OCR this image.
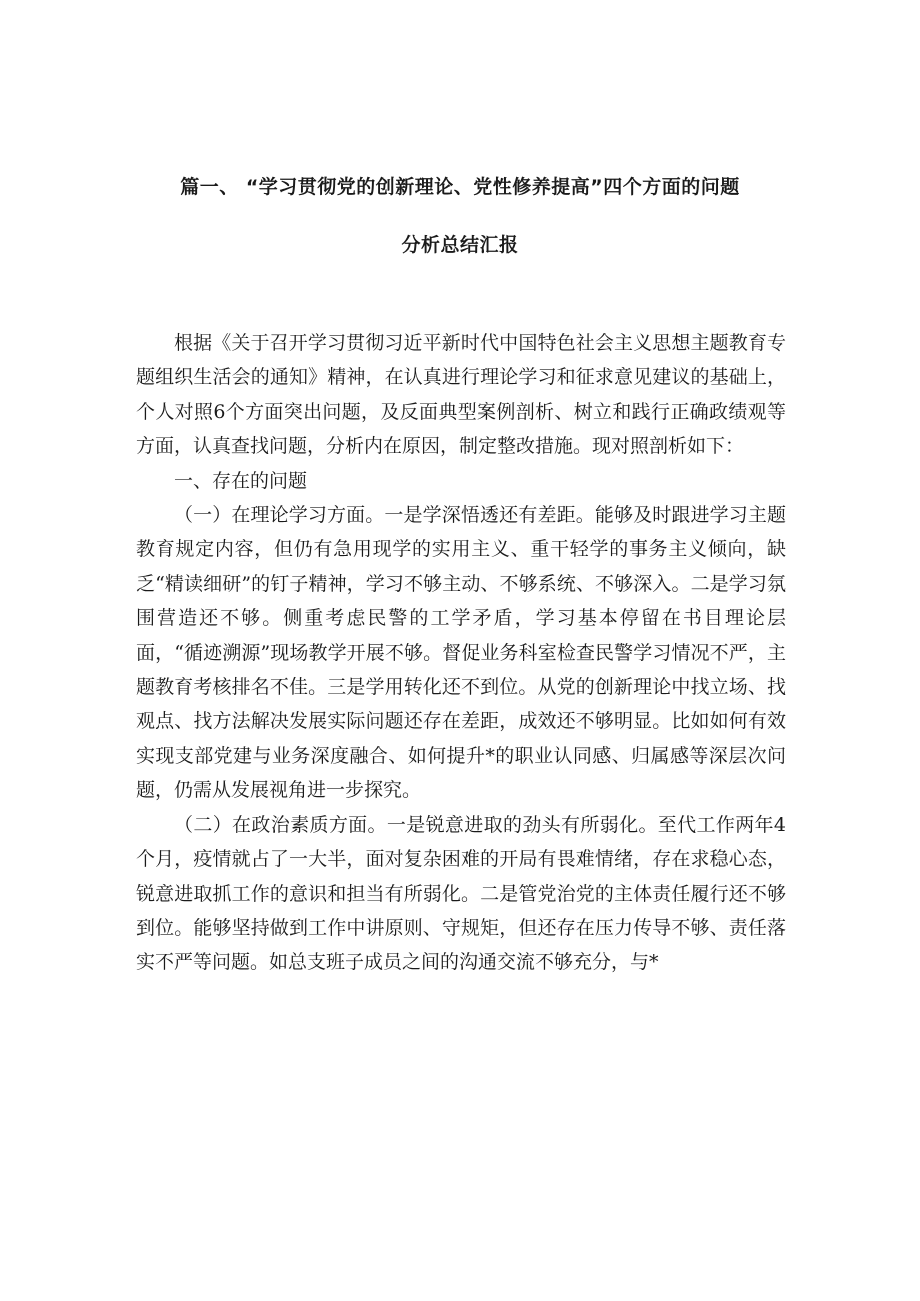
篇一、 “学习贯彻党的创新理论、党性修养提高”四个方面的问题
分析总结汇报

根据《关于召开学习贯彻习近平新时代中国特色社会主义思想主题教育专题组织生活会的通知》精神，在认真进行理论学习和征求意见建议的基础上，个人对照6个方面突出问题，及反面典型案例剖析、树立和践行正确政绩观等方面，认真查找问题，分析内在原因，制定整改措施。现对照剖析如下：

一、存在的问题

（一）在理论学习方面。一是学深悟透还有差距。能够及时跟进学习主题教育规定内容，但仍有急用现学的实用主义、重干轻学的事务主义倾向，缺乏“精读细研”的钉子精神，学习不够主动、不够系统、不够深入。二是学习氛围营造还不够。侧重考虑民警的工学矛盾，学习基本停留在书目理论层面，“循迹溯源”现场教学开展不够。督促业务科室检查民警学习情况不严，主题教育考核排名不佳。三是学用转化还不到位。从党的创新理论中找立场、找观点、找方法解决发展实际问题还存在差距，成效还不够明显。比如如何有效实现支部党建与业务深度融合、如何提升*的职业认同感、归属感等深层次问题，仍需从发展视角进一步探究。

（二）在政治素质方面。一是锐意进取的劲头有所弱化。至代工作两年4个月，疫情就占了一大半，面对复杂困难的开局有畏难情绪，存在求稳心态，锐意进取抓工作的意识和担当有所弱化。二是管党治党的主体责任履行还不够到位。能够坚持做到工作中讲原则、守规矩，但还存在压力传导不够、责任落实不严等问题。如总支班子成员之间的沟通交流不够充分，与*
